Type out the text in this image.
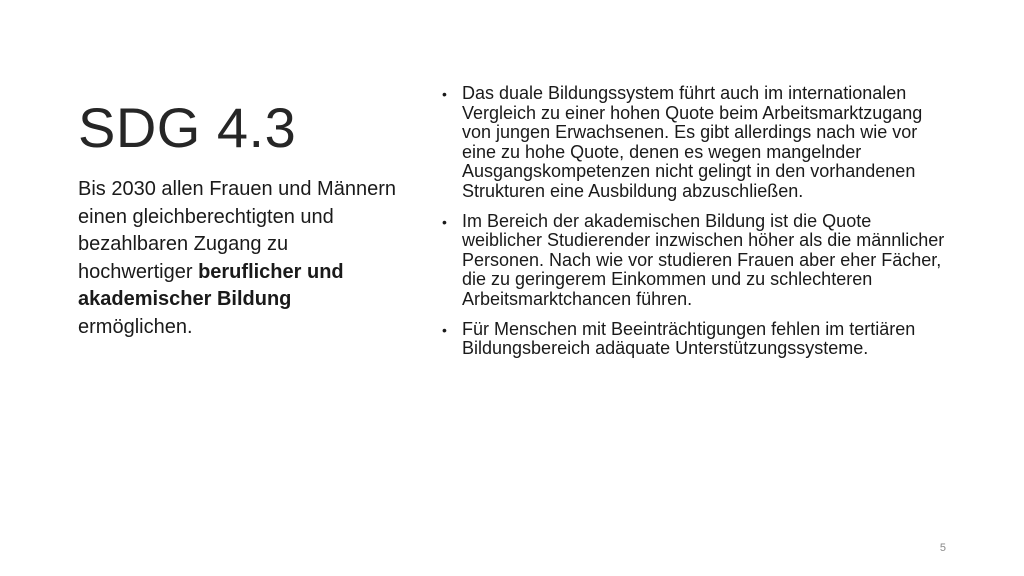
SDG 4.3
Bis 2030 allen Frauen und Männern einen gleichberechtigten und bezahlbaren Zugang zu hochwertiger beruflicher und akademischer Bildung ermöglichen.
• Das duale Bildungssystem führt auch im internationalen Vergleich zu einer hohen Quote beim Arbeitsmarktzugang von jungen Erwachsenen. Es gibt allerdings nach wie vor eine zu hohe Quote, denen es wegen mangelnder Ausgangskompetenzen nicht gelingt in den vorhandenen Strukturen eine Ausbildung abzuschließen.
• Im Bereich der akademischen Bildung ist die Quote weiblicher Studierender inzwischen höher als die männlicher Personen. Nach wie vor studieren Frauen aber eher Fächer, die zu geringerem Einkommen und zu schlechteren Arbeitsmarktchancen führen.
• Für Menschen mit Beeinträchtigungen fehlen im tertiären Bildungsbereich adäquate Unterstützungssysteme.
5
